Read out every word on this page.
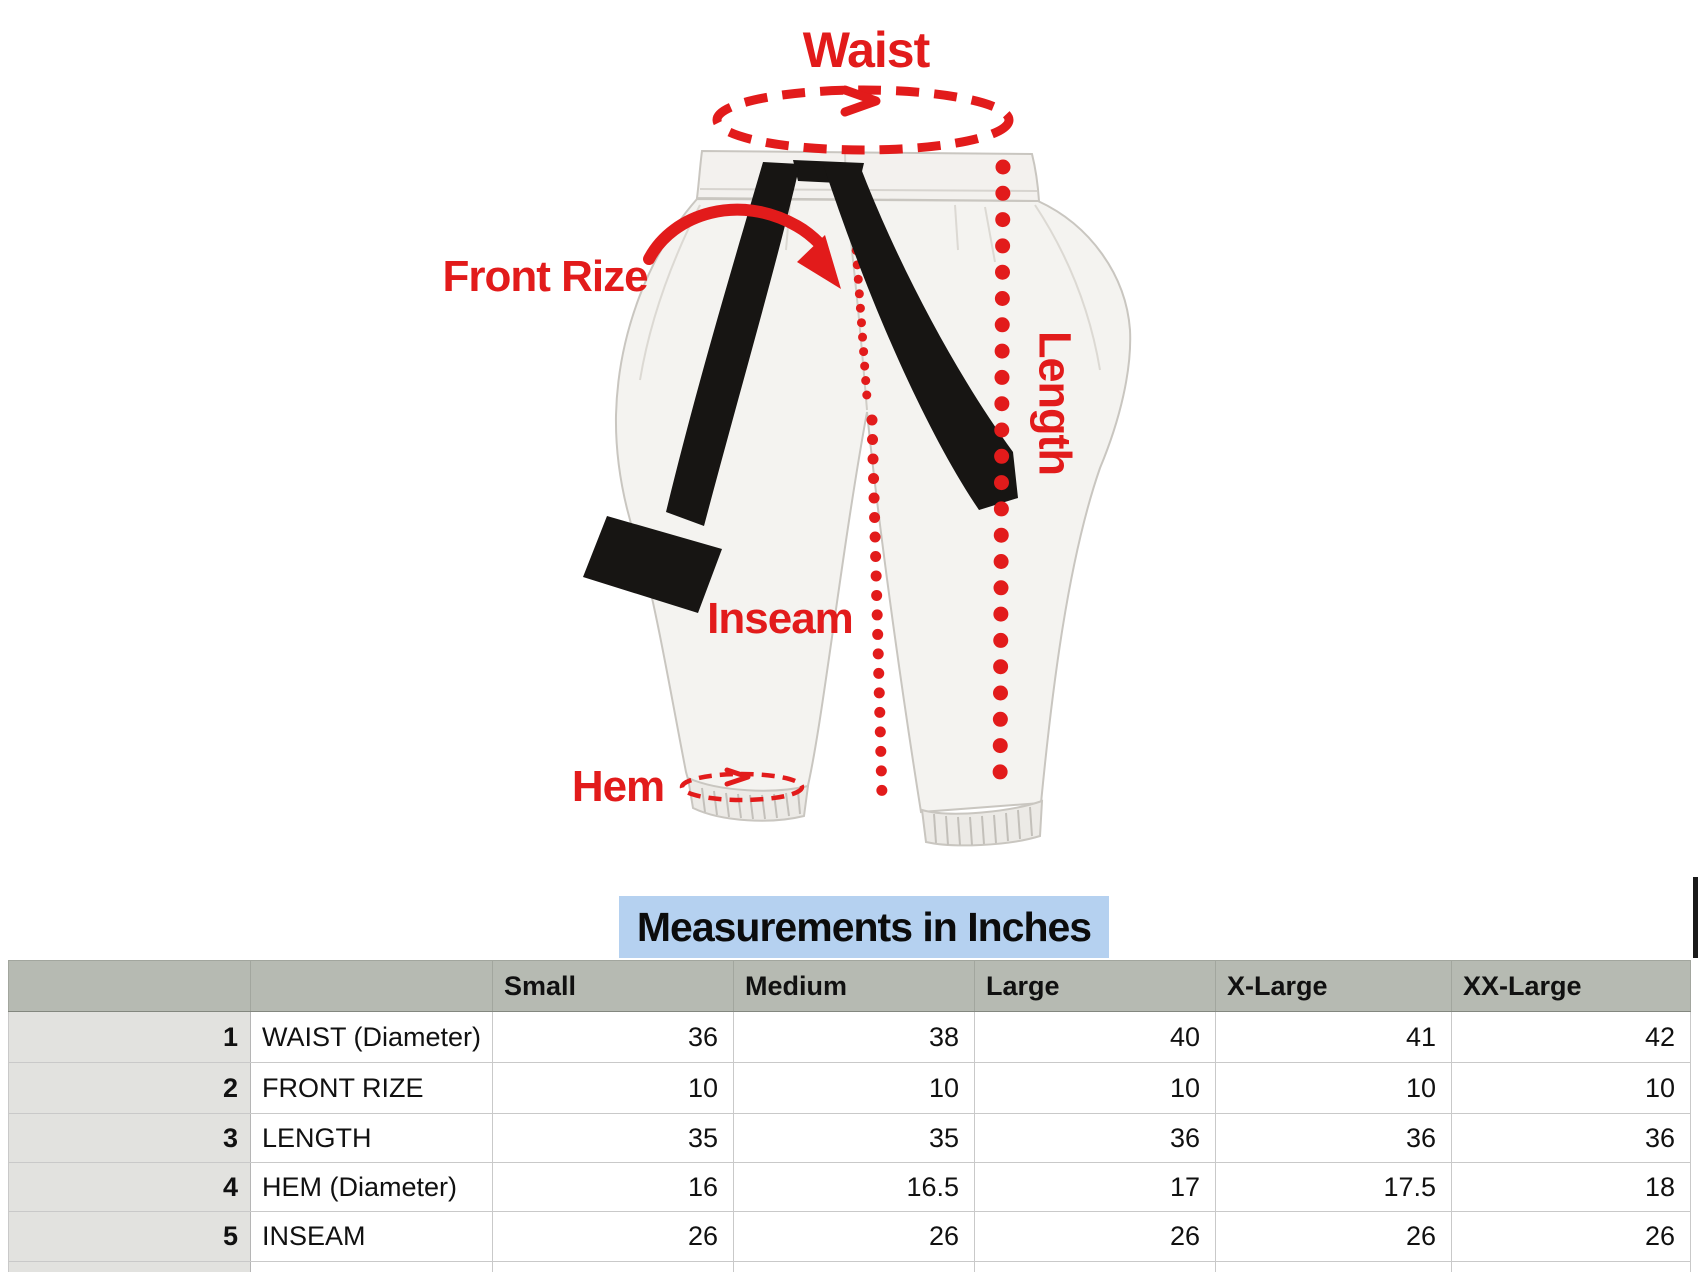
Waist
Front Rize
Length
Inseam
Hem
Measurements in Inches
		Small	Medium	Large	X-Large	XX-Large
1	WAIST (Diameter)	36	38	40	41	42
2	FRONT RIZE	10	10	10	10	10
3	LENGTH	35	35	36	36	36
4	HEM (Diameter)	16	16.5	17	17.5	18
5	INSEAM	26	26	26	26	26
